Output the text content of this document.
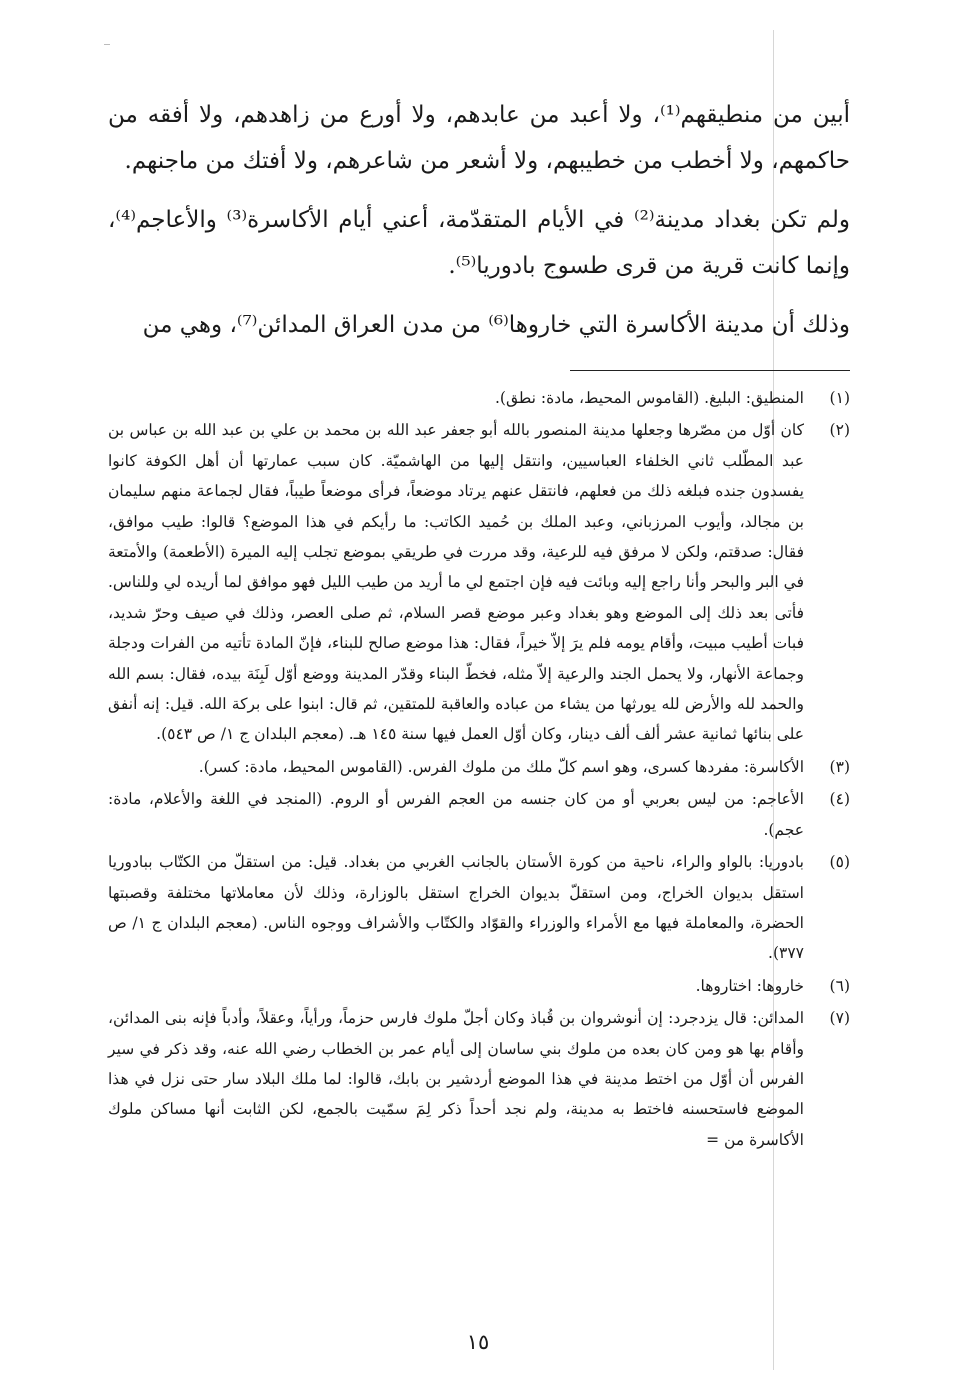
أبين من منطيقهم⁽¹⁾، ولا أعبد من عابدهم، ولا أورع من زاهدهم، ولا أفقه من حاكمهم، ولا أخطب من خطيبهم، ولا أشعر من شاعرهم، ولا أفتك من ماجنهم.

ولم تكن بغداد مدينة⁽²⁾ في الأيام المتقدّمة، أعني أيام الأكاسرة⁽³⁾ والأعاجم⁽⁴⁾، وإنما كانت قرية من قرى طسوج بادوريا⁽⁵⁾.

وذلك أن مدينة الأكاسرة التي خاروها⁽⁶⁾ من مدن العراق المدائن⁽⁷⁾، وهي من

(١)
المنطيق: البليغ. (القاموس المحيط، مادة: نطق).
(٢)
كان أوّل من مصّرها وجعلها مدينة المنصور بالله أبو جعفر عبد الله بن محمد بن علي بن عبد الله بن عباس بن عبد المطّلب ثاني الخلفاء العباسيين، وانتقل إليها من الهاشميّة. كان سبب عمارتها أن أهل الكوفة كانوا يفسدون جنده فبلغه ذلك من فعلهم، فانتقل عنهم يرتاد موضعاً، فرأى موضعاً طيباً، فقال لجماعة منهم سليمان بن مجالد، وأيوب المرزباني، وعبد الملك بن حُميد الكاتب: ما رأيكم في هذا الموضع؟ قالوا: طيب موافق، فقال: صدقتم، ولكن لا مرفق فيه للرعية، وقد مررت في طريقي بموضع تجلب إليه الميرة (الأطعمة) والأمتعة في البر والبحر وأنا راجع إليه وبائت فيه فإن اجتمع لي ما أريد من طيب الليل فهو موافق لما أريده لي وللناس. فأتى بعد ذلك إلى الموضع وهو بغداد وعبر موضع قصر السلام، ثم صلى العصر، وذلك في صيف وحرّ شديد، فبات أطيب مبيت، وأقام يومه فلم يرَ إلاّ خيراً، فقال: هذا موضع صالح للبناء، فإنّ المادة تأتيه من الفرات ودجلة وجماعة الأنهار، ولا يحمل الجند والرعية إلاّ مثله، فخطّ البناء وقدّر المدينة ووضع أوّل لَبِنَة بيده، فقال: بسم الله والحمد لله والأرض لله يورثها من يشاء من عباده والعاقبة للمتقين، ثم قال: ابنوا على بركة الله. قيل: إنه أنفق على بنائها ثمانية عشر ألف ألف دينار، وكان أوّل العمل فيها سنة ١٤٥ هـ. (معجم البلدان ج ١/ ص ٥٤٣).
(٣)
الأكاسرة: مفردها كسرى، وهو اسم كلّ ملك من ملوك الفرس. (القاموس المحيط، مادة: كسر).
(٤)
الأعاجم: من ليس بعربي أو من كان جنسه من العجم الفرس أو الروم. (المنجد في اللغة والأعلام، مادة: عجم).
(٥)
بادوريا: بالواو والراء، ناحية من كورة الأستان بالجانب الغربي من بغداد. قيل: من استقلّ من الكتّاب ببادوريا استقل بديوان الخراج، ومن استقلّ بديوان الخراج استقل بالوزارة، وذلك لأن معاملاتها مختلفة وقصبتها الحضرة، والمعاملة فيها مع الأمراء والوزراء والقوّاد والكتّاب والأشراف ووجوه الناس. (معجم البلدان ج ١/ ص ٣٧٧).
(٦)
خاروها: اختاروها.
(٧)
المدائن: قال يزدجرد: إن أنوشروان بن قُباذ وكان أجلّ ملوك فارس حزماً، ورأياً، وعقلاً، وأدباً فإنه بنى المدائن، وأقام بها هو ومن كان بعده من ملوك بني ساسان إلى أيام عمر بن الخطاب رضي الله عنه، وقد ذكر في سير الفرس أن أوّل من اختط مدينة في هذا الموضع أردشير بن بابك، قالوا: لما ملك البلاد سار حتى نزل في هذا الموضع فاستحسنه فاختط به مدينة، ولم نجد أحداً ذكر لِمَ سمّيت بالجمع، لكن الثابت أنها مساكن ملوك الأكاسرة من =
١٥
